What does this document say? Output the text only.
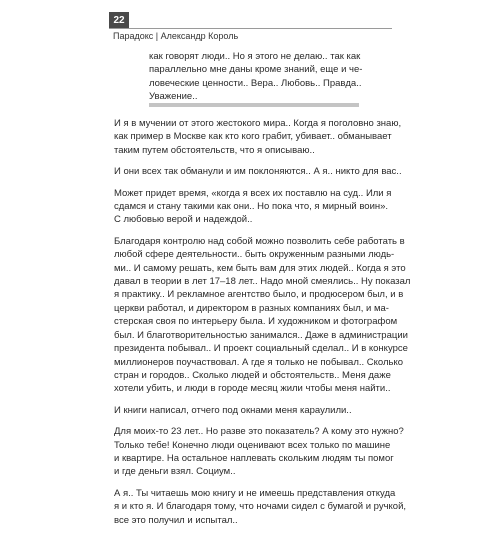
22
Парадокс | Александр Король
как говорят люди.. Но я этого не делаю.. так как
параллельно мне даны кроме знаний, еще и че-
ловеческие ценности.. Вера.. Любовь.. Правда..
Уважение..
И я в мучении от этого жестокого мира.. Когда я поголовно знаю,
как пример в Москве как кто кого грабит, убивает.. обманывает
таким путем обстоятельств, что я описываю..
И они всех так обманули и им поклоняются.. А я.. никто для вас..
Может придет время, «когда я всех их поставлю на суд.. Или я
сдамся и стану такими как они.. Но пока что, я мирный воин».
С любовью верой и надеждой..
Благодаря контролю над собой можно позволить себе работать в
любой сфере деятельности.. быть окруженным разными людь-
ми.. И самому решать, кем быть вам для этих людей.. Когда я это
давал в теории в лет 17–18 лет.. Надо мной смеялись.. Ну показал
я практику.. И рекламное агентство было, и продюсером был, и в
церкви работал, и директором в разных компаниях был, и ма-
стерская своя по интерьеру была. И художником и фотографом
был. И благотворительностью занимался.. Даже в администрации
президента побывал.. И проект социальный сделал.. И в конкурсе
миллионеров поучаствовал. А где я только не побывал.. Сколько
стран и городов.. Сколько людей и обстоятельств.. Меня даже
хотели убить, и люди в городе месяц жили чтобы меня найти..
И книги написал, отчего под окнами меня караулили..
Для моих-то 23 лет.. Но разве это показатель? А кому это нужно?
Только тебе! Конечно люди оценивают всех только по машине
и квартире. На остальное наплевать скольким людям ты помог
и где деньги взял. Социум..
А я.. Ты читаешь мою книгу и не имеешь представления откуда
я и кто я. И благодаря тому, что ночами сидел с бумагой и ручкой,
все это получил и испытал..
